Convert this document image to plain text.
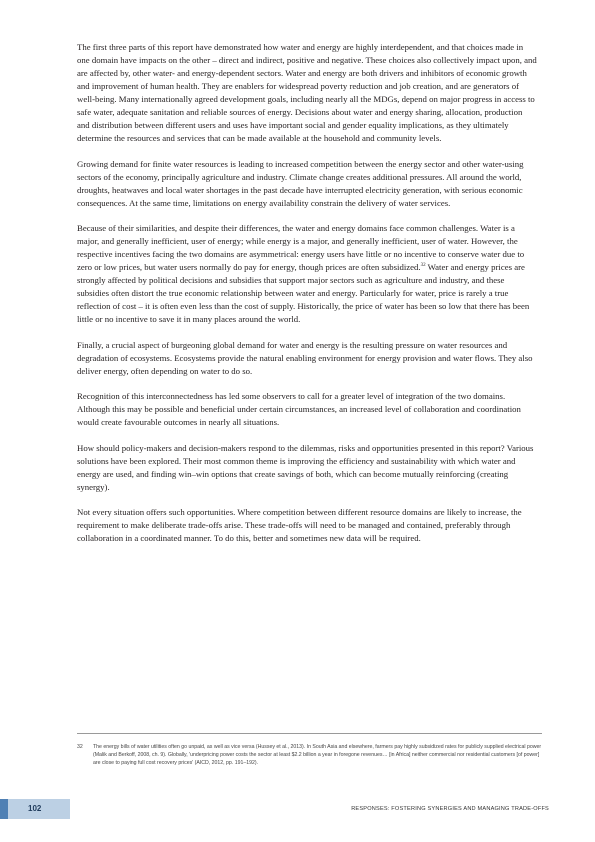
The first three parts of this report have demonstrated how water and energy are highly interdependent, and that choices made in one domain have impacts on the other – direct and indirect, positive and negative. These choices also collectively impact upon, and are affected by, other water- and energy-dependent sectors. Water and energy are both drivers and inhibitors of economic growth and improvement of human health. They are enablers for widespread poverty reduction and job creation, and are generators of well-being. Many internationally agreed development goals, including nearly all the MDGs, depend on major progress in access to safe water, adequate sanitation and reliable sources of energy. Decisions about water and energy sharing, allocation, production and distribution between different users and uses have important social and gender equality implications, as they ultimately determine the resources and services that can be made available at the household and community levels.

Growing demand for finite water resources is leading to increased competition between the energy sector and other water-using sectors of the economy, principally agriculture and industry. Climate change creates additional pressures. All around the world, droughts, heatwaves and local water shortages in the past decade have interrupted electricity generation, with serious economic consequences. At the same time, limitations on energy availability constrain the delivery of water services.

Because of their similarities, and despite their differences, the water and energy domains face common challenges. Water is a major, and generally inefficient, user of energy; while energy is a major, and generally inefficient, user of water. However, the respective incentives facing the two domains are asymmetrical: energy users have little or no incentive to conserve water due to zero or low prices, but water users normally do pay for energy, though prices are often subsidized.$^{32}$ Water and energy prices are strongly affected by political decisions and subsidies that support major sectors such as agriculture and industry, and these subsidies often distort the true economic relationship between water and energy. Particularly for water, price is rarely a true reflection of cost – it is often even less than the cost of supply. Historically, the price of water has been so low that there has been little or no incentive to save it in many places around the world.

Finally, a crucial aspect of burgeoning global demand for water and energy is the resulting pressure on water resources and degradation of ecosystems. Ecosystems provide the natural enabling environment for energy provision and water flows. They also deliver energy, often depending on water to do so.

Recognition of this interconnectedness has led some observers to call for a greater level of integration of the two domains. Although this may be possible and beneficial under certain circumstances, an increased level of collaboration and coordination would create favourable outcomes in nearly all situations.

How should policy-makers and decision-makers respond to the dilemmas, risks and opportunities presented in this report? Various solutions have been explored. Their most common theme is improving the efficiency and sustainability with which water and energy are used, and finding win–win options that create savings of both, which can become mutually reinforcing (creating synergy).

Not every situation offers such opportunities. Where competition between different resource domains are likely to increase, the requirement to make deliberate trade-offs arise. These trade-offs will need to be managed and contained, preferably through collaboration in a coordinated manner. To do this, better and sometimes new data will be required.

32	The energy bills of water utilities often go unpaid, as well as vice versa (Hussey et al., 2013). In South Asia and elsewhere, farmers pay highly subsidized rates for publicly supplied electrical power (Malik and Berkoff, 2008, ch. 9). Globally, 'underpricing power costs the sector at least $2.2 billion a year in foregone revenues… [in Africa] neither commercial nor residential customers [of power] are close to paying full cost recovery prices' (AICD, 2012, pp. 191–192).
102	RESPONSES: FOSTERING SYNERGIES AND MANAGING TRADE-OFFS
